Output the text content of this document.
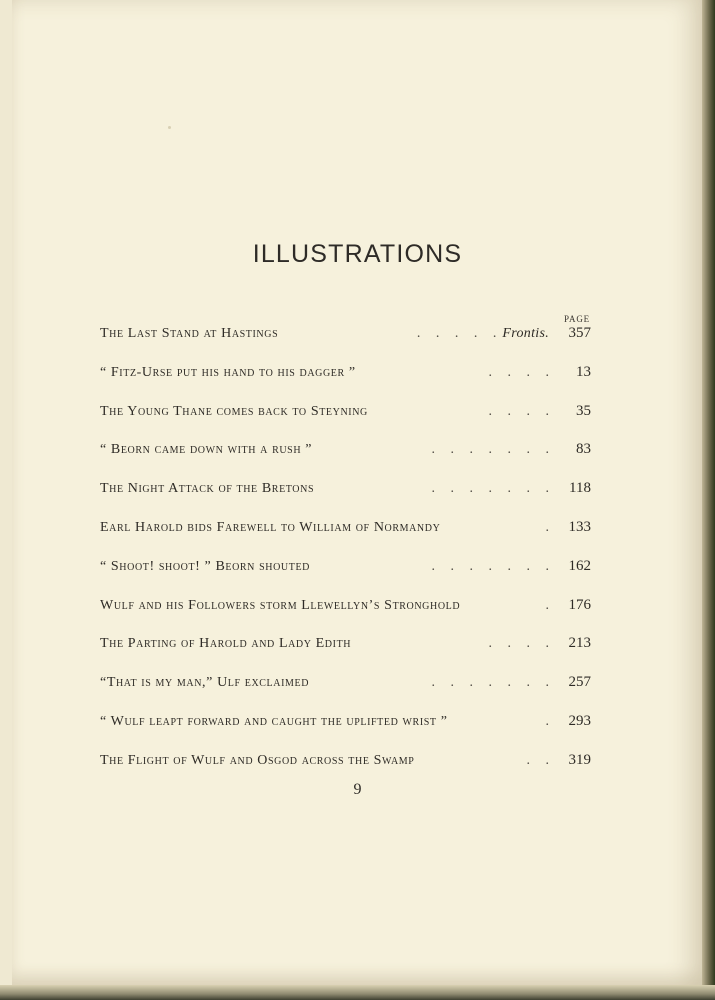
ILLUSTRATIONS
PAGE
The Last Stand at Hastings	. . . . . Frontis.	357
“ Fitz-Urse put his hand to his dagger ”	. . . .	13
The Young Thane comes back to Steyning	. . . .	35
“ Beorn came down with a rush ”	. . . . . . .	83
The Night Attack of the Bretons	. . . . . . . 118
Earl Harold bids Farewell to William of Normandy	. 133
“ Shoot! shoot! ” Beorn shouted	. . . . . . . 162
Wulf and his Followers storm Llewellyn’s Stronghold	. 176
The Parting of Harold and Lady Edith	. . . . 213
“That is my man,” Ulf exclaimed	. . . . . . . 257
“ Wulf leapt forward and caught the uplifted wrist ”	. 293
The Flight of Wulf and Osgod across the Swamp	. . 319
9
